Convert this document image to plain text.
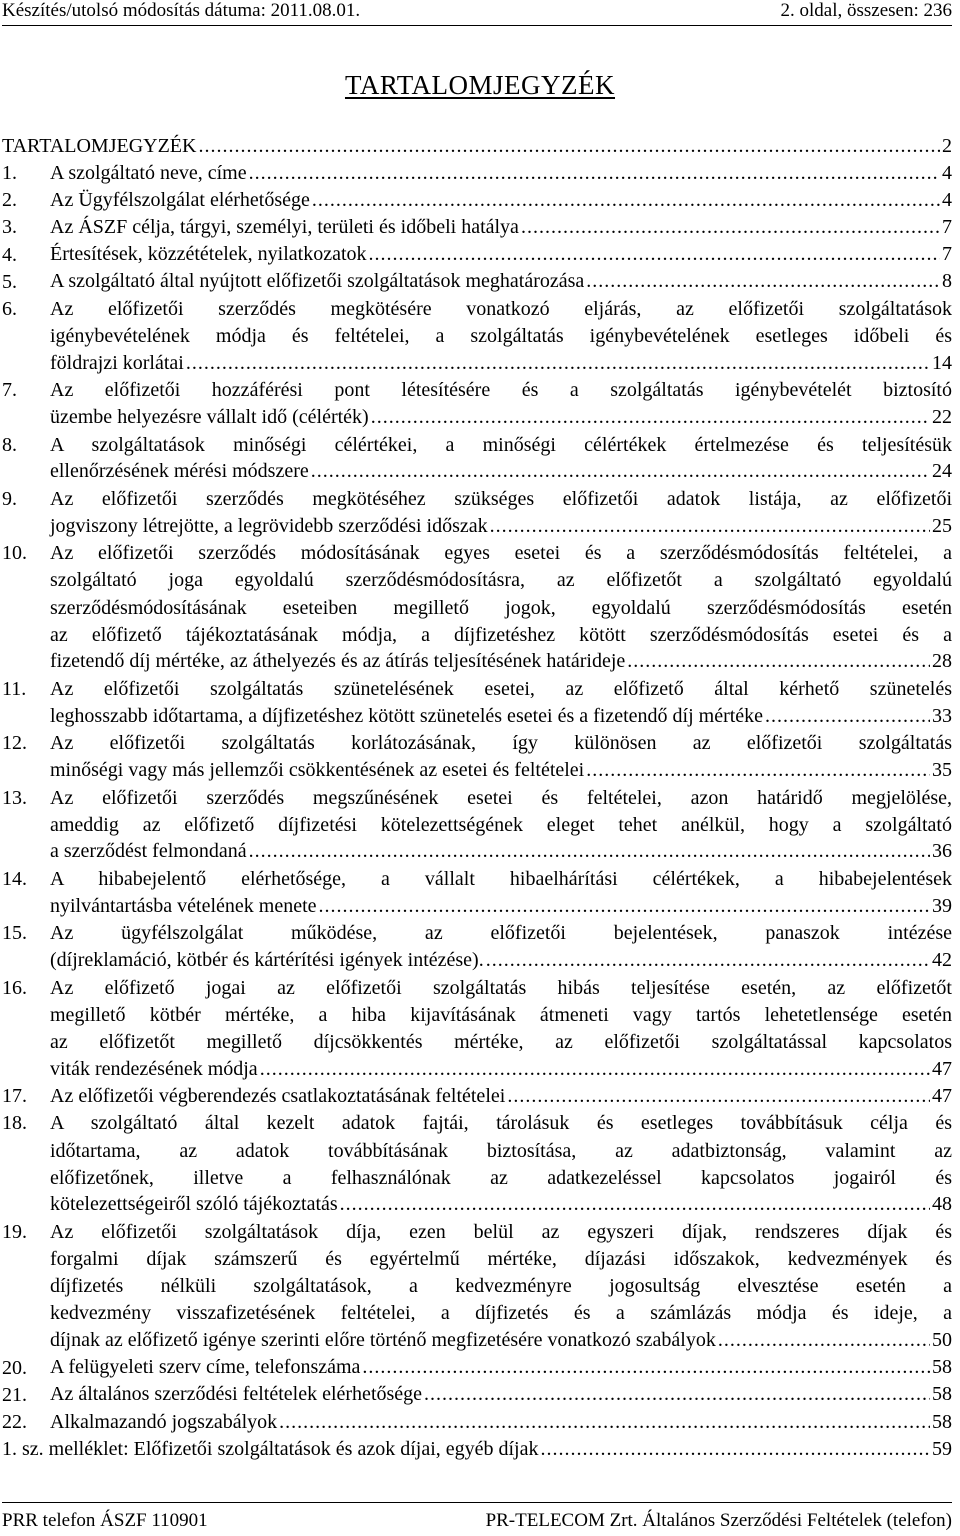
Készítés/utolsó módosítás dátuma: 2011.08.01.	2. oldal, összesen: 236
TARTALOMJEGYZÉK
TARTALOMJEGYZÉK .....	2
1. A szolgáltató neve, címe .....	4
2. Az Ügyfélszolgálat elérhetősége .....	4
3. Az ÁSZF célja, tárgyi, személyi, területi és időbeli hatálya .....	7
4. Értesítések, közzétételek, nyilatkozatok .....	7
5. A szolgáltató által nyújtott előfizetői szolgáltatások meghatározása .....	8
6. Az előfizetői szerződés megkötésére vonatkozó eljárás, az előfizetői szolgáltatások
igénybevételének módja és feltételei, a szolgáltatás igénybevételének esetleges időbeli és
földrajzi korlátai .....	14
7. Az előfizetői hozzáférési pont létesítésére és a szolgáltatás igénybevételét biztosító
üzembe helyezésre vállalt idő (célérték) .....	22
8. A szolgáltatások minőségi célértékei, a minőségi célértékek értelmezése és teljesítésük
ellenőrzésének mérési módszere .....	24
9. Az előfizetői szerződés megkötéséhez szükséges előfizetői adatok listája, az előfizetői
jogviszony létrejötte, a legrövidebb szerződési időszak .....	25
10. Az előfizetői szerződés módosításának egyes esetei és a szerződésmódosítás feltételei, a
szolgáltató joga egyoldalú szerződésmódosításra, az előfizetőt a szolgáltató egyoldalú
szerződésmódosításának eseteiben megillető jogok, egyoldalú szerződésmódosítás esetén
az előfizető tájékoztatásának módja, a díjfizetéshez kötött szerződésmódosítás esetei és a
fizetendő díj mértéke, az áthelyezés és az átírás teljesítésének határideje .....	28
11. Az előfizetői szolgáltatás szünetelésének esetei, az előfizető által kérhető szünetelés
leghosszabb időtartama, a díjfizetéshez kötött szünetelés esetei és a fizetendő díj mértéke .....	33
12. Az előfizetői szolgáltatás korlátozásának, így különösen az előfizetői szolgáltatás
minőségi vagy más jellemzői csökkentésének az esetei és feltételei .....	35
13. Az előfizetői szerződés megszűnésének esetei és feltételei, azon határidő megjelölése,
ameddig az előfizető díjfizetési kötelezettségének eleget tehet anélkül, hogy a szolgáltató
a szerződést felmondaná .....	36
14. A hibabejelentő elérhetősége, a vállalt hibaelhárítási célértékek, a hibabejelentések
nyilvántartásba vételének menete .....	39
15. Az ügyfélszolgálat működése, az előfizetői bejelentések, panaszok intézése
(díjreklamáció, kötbér és kártérítési igények intézése). .....	42
16. Az előfizető jogai az előfizetői szolgáltatás hibás teljesítése esetén, az előfizetőt
megillető kötbér mértéke, a hiba kijavításának átmeneti vagy tartós lehetetlensége esetén
az előfizetőt megillető díjcsökkentés mértéke, az előfizetői szolgáltatással kapcsolatos
viták rendezésének módja .....	47
17. Az előfizetői végberendezés csatlakoztatásának feltételei .....	47
18. A szolgáltató által kezelt adatok fajtái, tárolásuk és esetleges továbbításuk célja és
időtartama, az adatok továbbításának biztosítása, az adatbiztonság, valamint az
előfizetőnek, illetve a felhasználónak az adatkezeléssel kapcsolatos jogairól és
kötelezettségeiről szóló tájékoztatás .....	48
19. Az előfizetői szolgáltatások díja, ezen belül az egyszeri díjak, rendszeres díjak és
forgalmi díjak számszerű és egyértelmű mértéke, díjazási időszakok, kedvezmények és
díjfizetés nélküli szolgáltatások, a kedvezményre jogosultság elvesztése esetén a
kedvezmény visszafizetésének feltételei, a díjfizetés és a számlázás módja és ideje, a
díjnak az előfizető igénye szerinti előre történő megfizetésére vonatkozó szabályok .....	50
20. A felügyeleti szerv címe, telefonszáma .....	58
21. Az általános szerződési feltételek elérhetősége .....	58
22. Alkalmazandó jogszabályok .....	58
1. sz. melléklet: Előfizetői szolgáltatások és azok díjai, egyéb díjak .....	59
PRR telefon ÁSZF 110901	PR-TELECOM Zrt. Általános Szerződési Feltételek (telefon)
